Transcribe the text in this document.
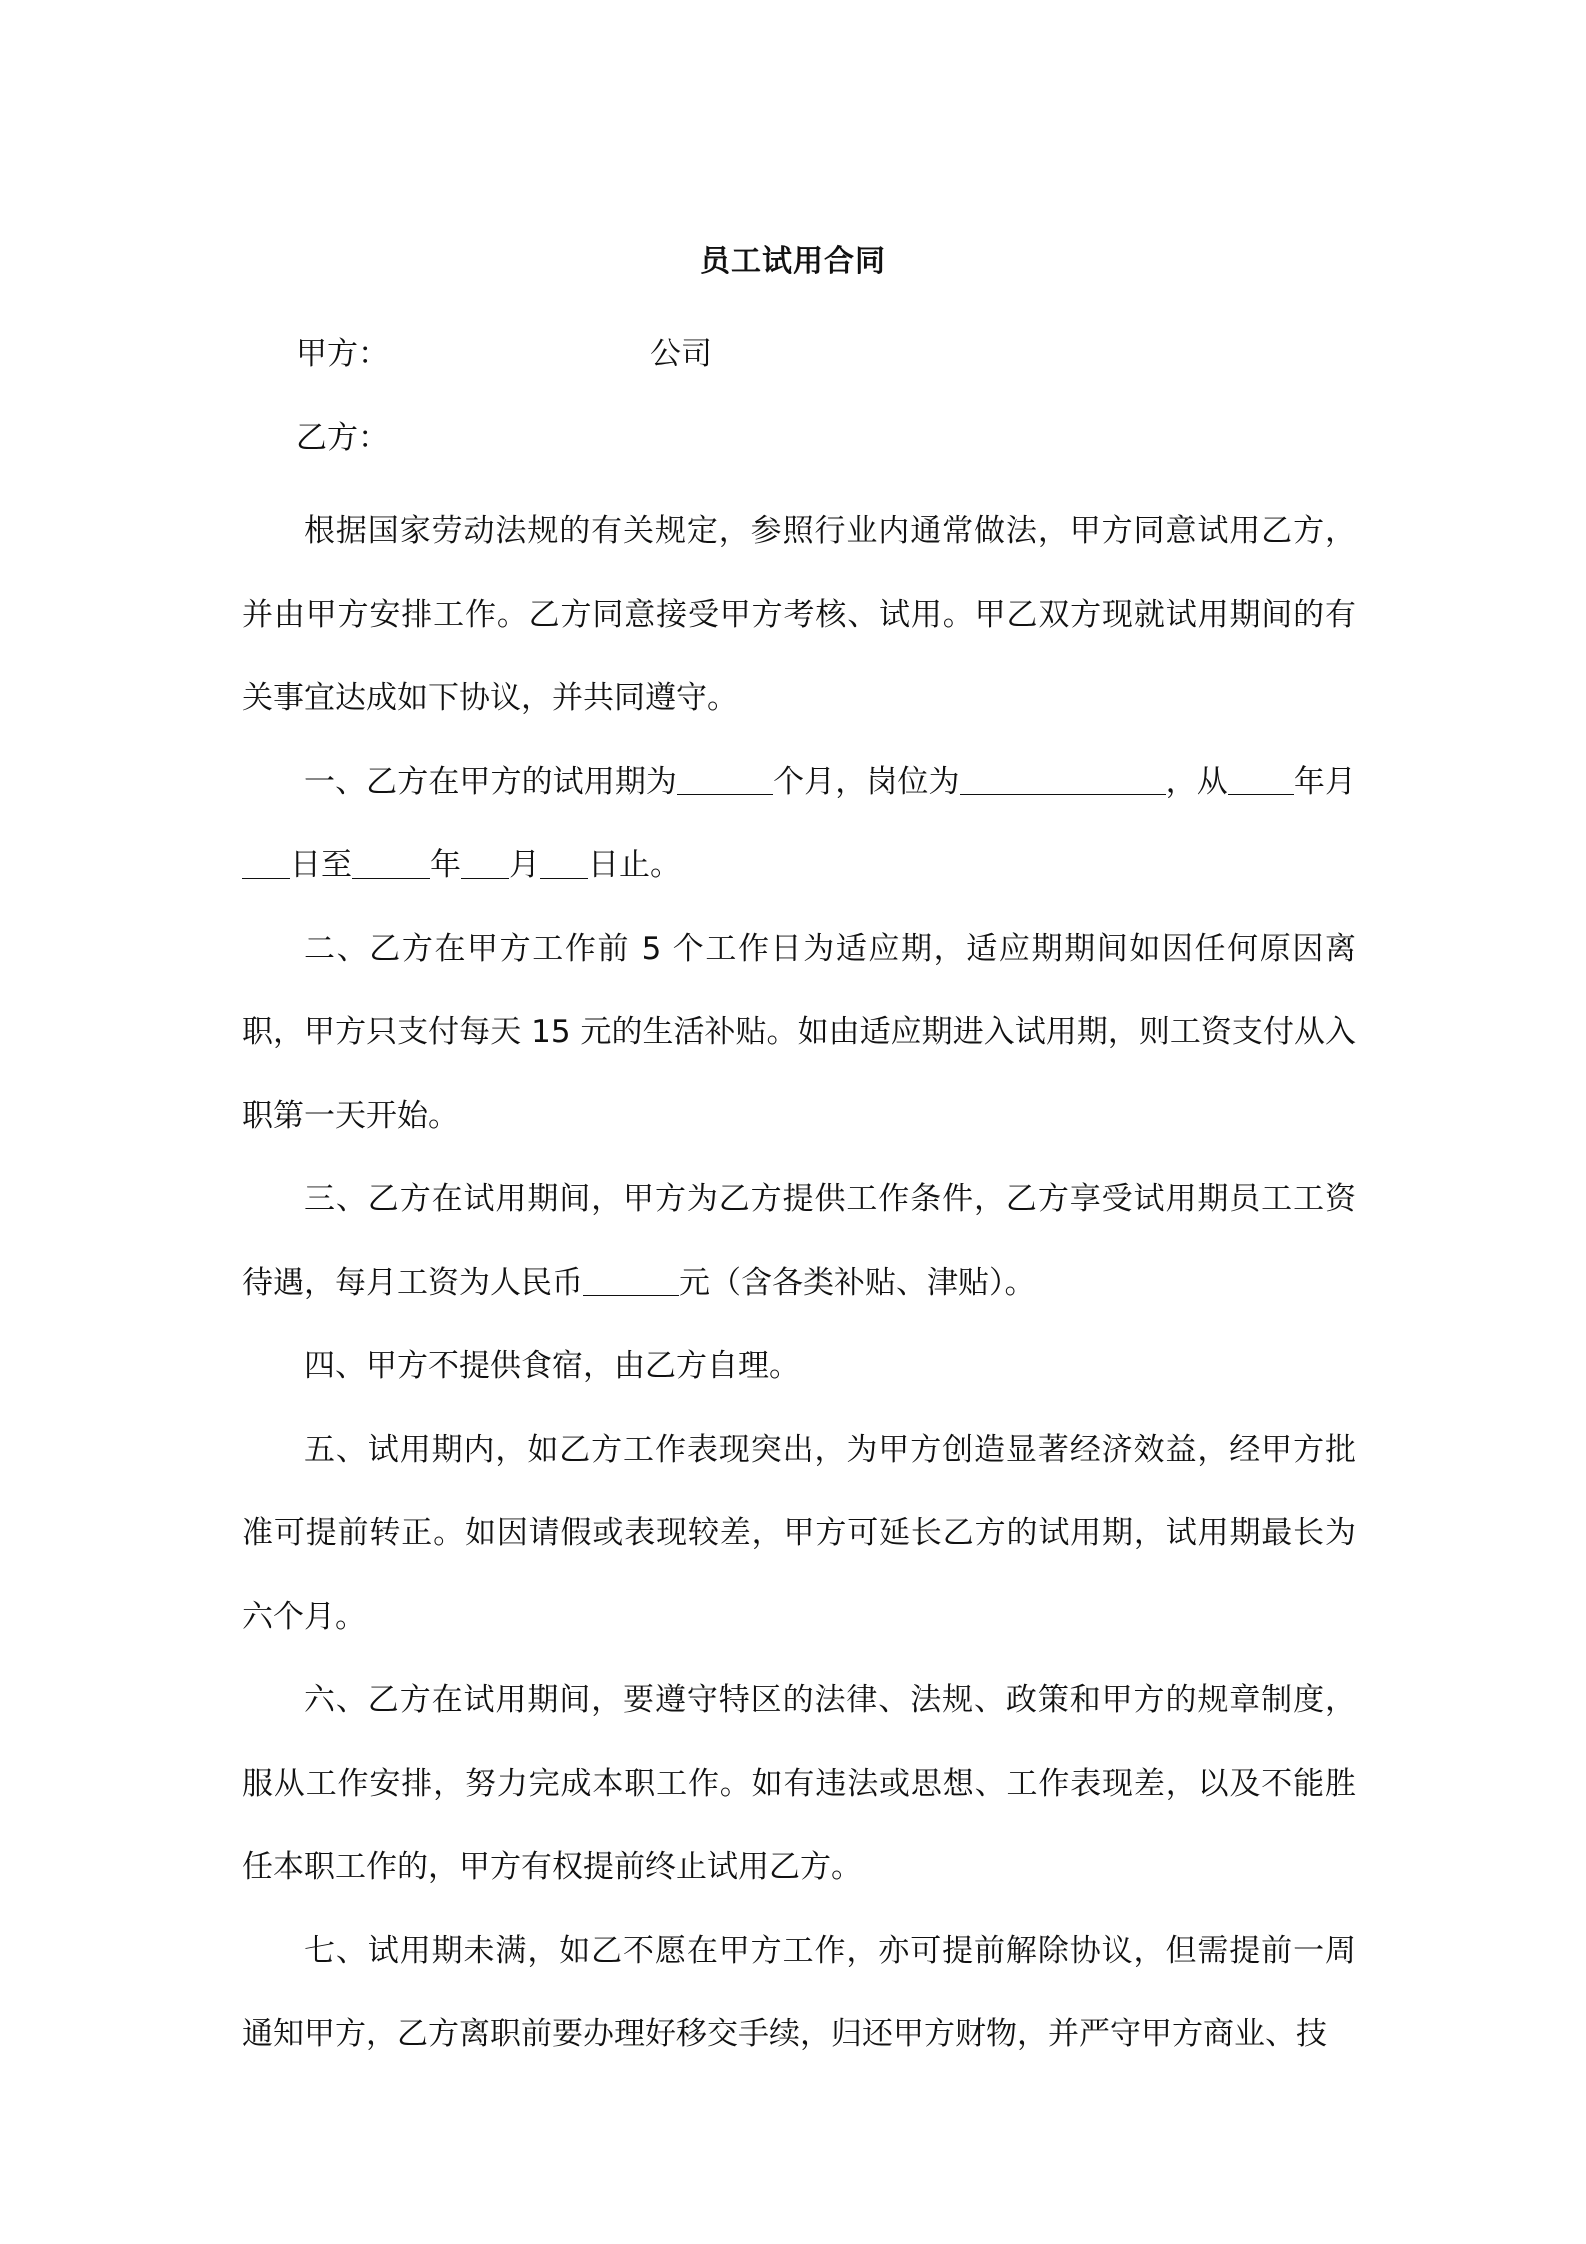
员工试用合同
甲方：	公司
乙方：

根据国家劳动法规的有关规定，参照行业内通常做法，甲方同意试用乙方，并由甲方安排工作。乙方同意接受甲方考核、试用。甲乙双方现就试用期间的有关事宜达成如下协议，并共同遵守。

一、乙方在甲方的试用期为	个月，岗位为	，从 年月日至	年 月 日止。

二、乙方在甲方工作前 5 个工作日为适应期，适应期期间如因任何原因离职，甲方只支付每天 15 元的生活补贴。如由适应期进入试用期，则工资支付从入职第一天开始。

三、乙方在试用期间，甲方为乙方提供工作条件，乙方享受试用期员工工资待遇，每月工资为人民币	元（含各类补贴、津贴）。

四、甲方不提供食宿，由乙方自理。

五、试用期内，如乙方工作表现突出，为甲方创造显著经济效益，经甲方批准可提前转正。如因请假或表现较差，甲方可延长乙方的试用期，试用期最长为六个月。

六、乙方在试用期间，要遵守特区的法律、法规、政策和甲方的规章制度，服从工作安排，努力完成本职工作。如有违法或思想、工作表现差，以及不能胜任本职工作的，甲方有权提前终止试用乙方。

七、试用期未满，如乙不愿在甲方工作，亦可提前解除协议，但需提前一周通知甲方，乙方离职前要办理好移交手续，归还甲方财物，并严守甲方商业、技
